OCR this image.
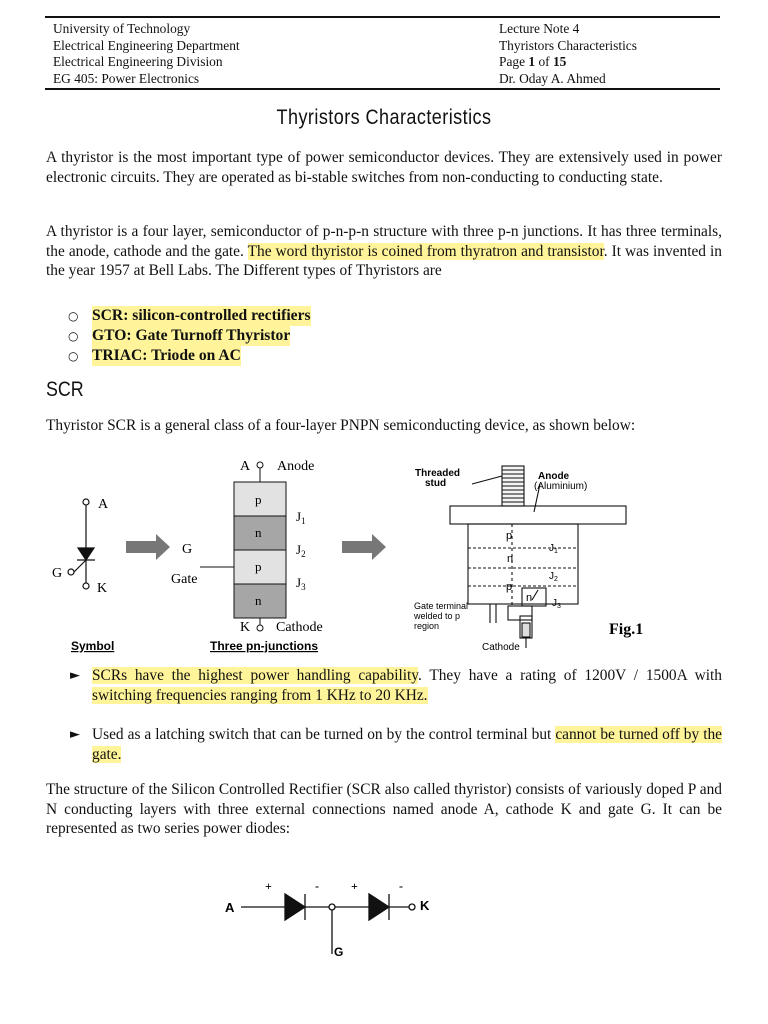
University of Technology
Electrical Engineering Department
Electrical Engineering Division
EG 405: Power Electronics
Lecture Note 4
Thyristors Characteristics
Page 1 of 15
Dr. Oday A. Ahmed
Thyristors Characteristics

A thyristor is the most important type of power semiconductor devices. They are extensively used in power electronic circuits. They are operated as bi-stable switches from non-conducting to conducting state.

A thyristor is a four layer, semiconductor of p-n-p-n structure with three p-n junctions. It has three terminals, the anode, cathode and the gate. The word thyristor is coined from thyratron and transistor. It was invented in the year 1957 at Bell Labs. The Different types of Thyristors are

○ SCR: silicon-controlled rectifiers
○ GTO: Gate Turnoff Thyristor
○ TRIAC: Triode on AC
SCR

Thyristor SCR is a general class of a four-layer PNPN semiconducting device, as shown below:

A
G
K
Symbol
p
n
p
n
A Anode
K Cathode
G
Gate
$J_1$
$J_2$
$J_3$
Three pn-junctions
Threaded
stud
Anode
(Aluminium)
p
n
p
n
$J_1$
$J_2$
$J_3$
Gate terminal
welded to p
region
Cathode
Fig.1
► SCRs have the highest power handling capability. They have a rating of 1200V / 1500A with switching frequencies ranging from 1 KHz to 20 KHz.
► Used as a latching switch that can be turned on by the control terminal but cannot be turned off by the gate.

The structure of the Silicon Controlled Rectifier (SCR also called thyristor) consists of variously doped P and N conducting layers with three external connections named anode A, cathode K and gate G. It can be represented as two series power diodes:

A	K
G
+	-	+	-
